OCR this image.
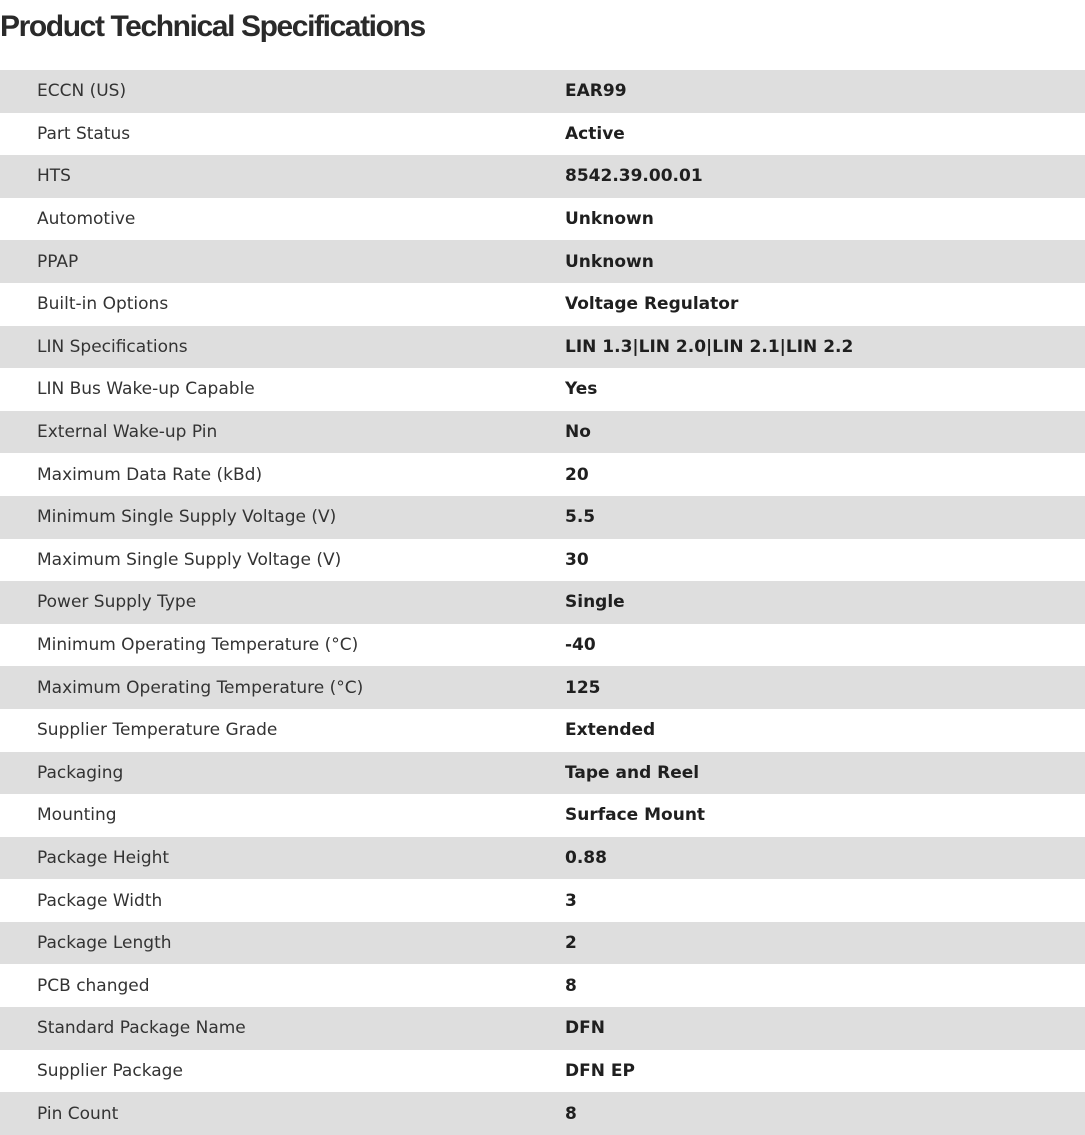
Product Technical Specifications
ECCN (US)	EAR99
Part Status	Active
HTS	8542.39.00.01
Automotive	Unknown
PPAP	Unknown
Built-in Options	Voltage Regulator
LIN Specifications	LIN 1.3|LIN 2.0|LIN 2.1|LIN 2.2
LIN Bus Wake-up Capable	Yes
External Wake-up Pin	No
Maximum Data Rate (kBd)	20
Minimum Single Supply Voltage (V)	5.5
Maximum Single Supply Voltage (V)	30
Power Supply Type	Single
Minimum Operating Temperature (°C)	-40
Maximum Operating Temperature (°C)	125
Supplier Temperature Grade	Extended
Packaging	Tape and Reel
Mounting	Surface Mount
Package Height	0.88
Package Width	3
Package Length	2
PCB changed	8
Standard Package Name	DFN
Supplier Package	DFN EP
Pin Count	8
